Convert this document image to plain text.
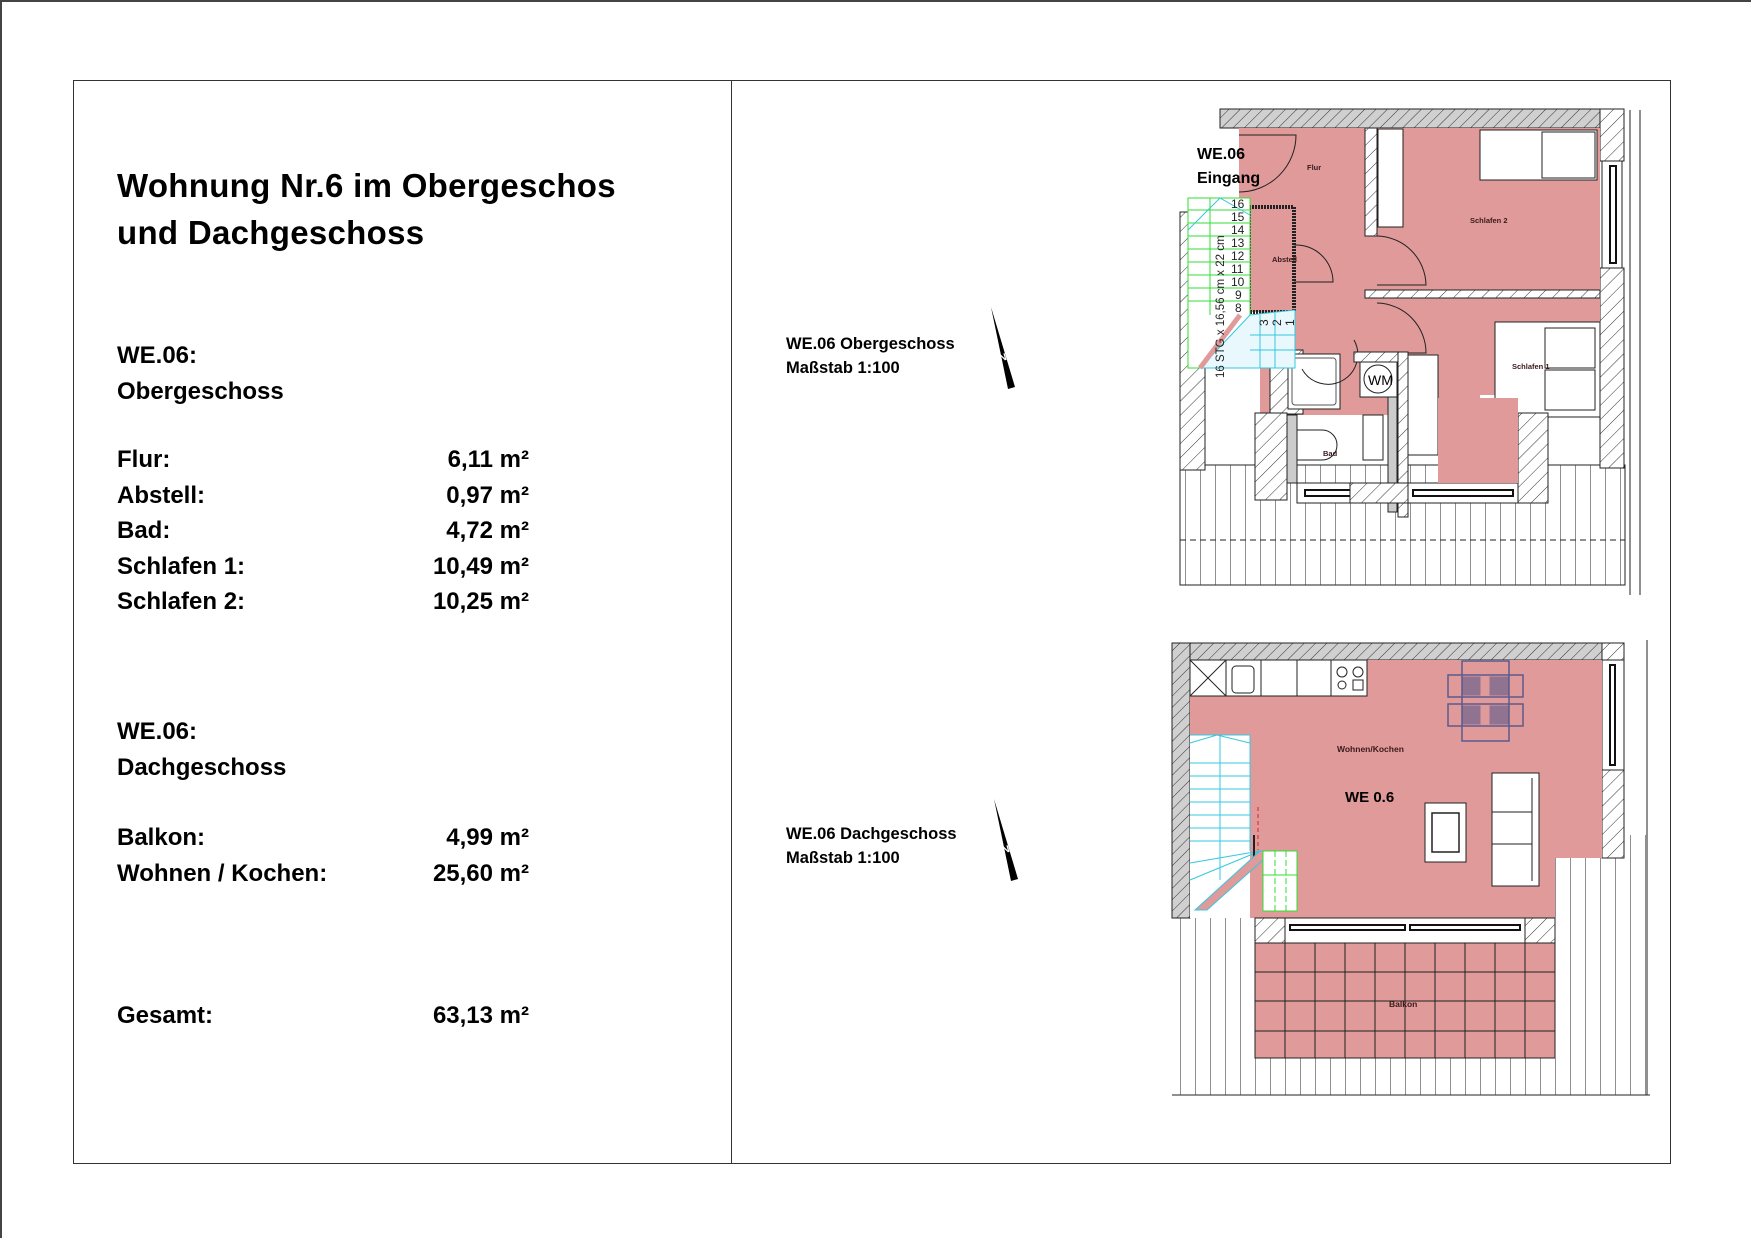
Wohnung Nr.6 im Obergeschos
und Dachgeschoss
WE.06:
Obergeschoss
Flur:	6,11 m²
Abstell:	0,97 m²
Bad:	4,72 m²
Schlafen 1:	10,49 m²
Schlafen 2:	10,25 m²
WE.06:
Dachgeschoss
Balkon:	4,99 m²
Wohnen / Kochen:	25,60 m²
Gesamt:	63,13 m²
WE.06 Obergeschoss
Maßstab 1:100
WE.06 Dachgeschoss
Maßstab 1:100
N
N
WM
16
15
14
13
12
11
10
9
8
3 2 1
16 STG x 16,56 cm x 22 cm
WE.06
Eingang
Flur
Abstell
Schlafen 2
Schlafen 1
Bad
Wohnen/Kochen
WE 0.6
Balkon
